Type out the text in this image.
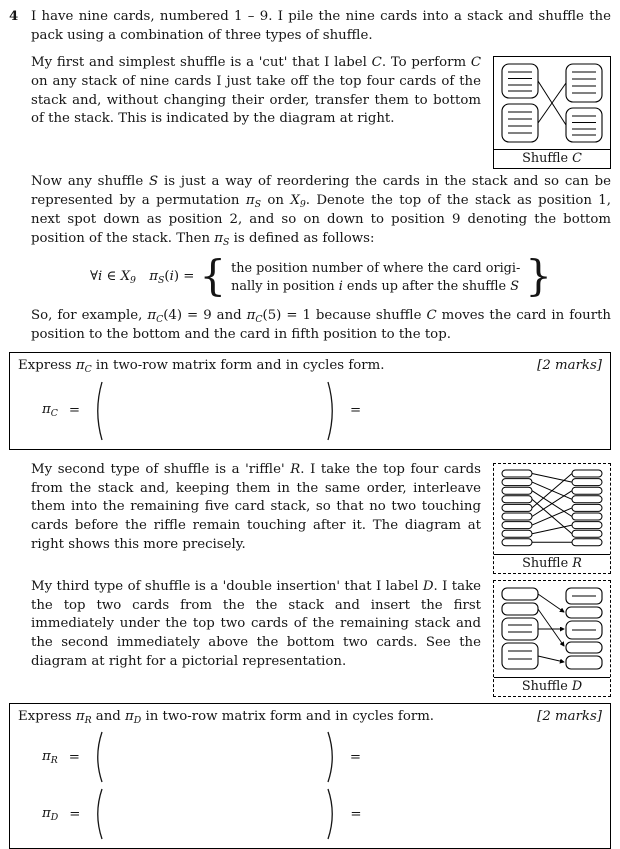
4 I have nine cards, numbered 1 – 9. I pile the nine cards into a stack and shuffle the pack using a combination of three types of shuffle.

Shuffle C

My first and simplest shuffle is a 'cut' that I label C. To perform C on any stack of nine cards I just take off the top four cards of the stack and, without changing their order, transfer them to bottom of the stack. This is indicated by the diagram at right.

Now any shuffle S is just a way of reordering the cards in the stack and so can be represented by a permutation $\pi_S$ on $X_9$. Denote the top of the stack as position 1, next spot down as position 2, and so on down to position 9 denoting the bottom position of the stack. Then $\pi_S$ is defined as follows:

∀i ∈ $X_9$   $\pi_S(i)$ = { the position number of where the card origi-
nally in position i ends up after the shuffle S }

So, for example, $\pi_C(4) = 9$ and $\pi_C(5) = 1$ because shuffle C moves the card in fourth position to the bottom and the card in fifth position to the top.

Express $\pi_C$ in two-row matrix form and in cycles form.	[2 marks]
$\pi_C$ =	=
Shuffle R

My second type of shuffle is a 'riffle' R. I take the top four cards from the stack and, keeping them in the same order, interleave them into the remaining five card stack, so that no two touching cards before the riffle remain touching after it. The diagram at right shows this more precisely.

Shuffle D

My third type of shuffle is a 'double insertion' that I label D. I take the top two cards from the the stack and insert the first immediately under the top two cards of the remaining stack and the second immediately above the bottom two cards. See the diagram at right for a pictorial representation.

Express $\pi_R$ and $\pi_D$ in two-row matrix form and in cycles form.	[2 marks]
$\pi_R$ =	=
$\pi_D$ =	=
